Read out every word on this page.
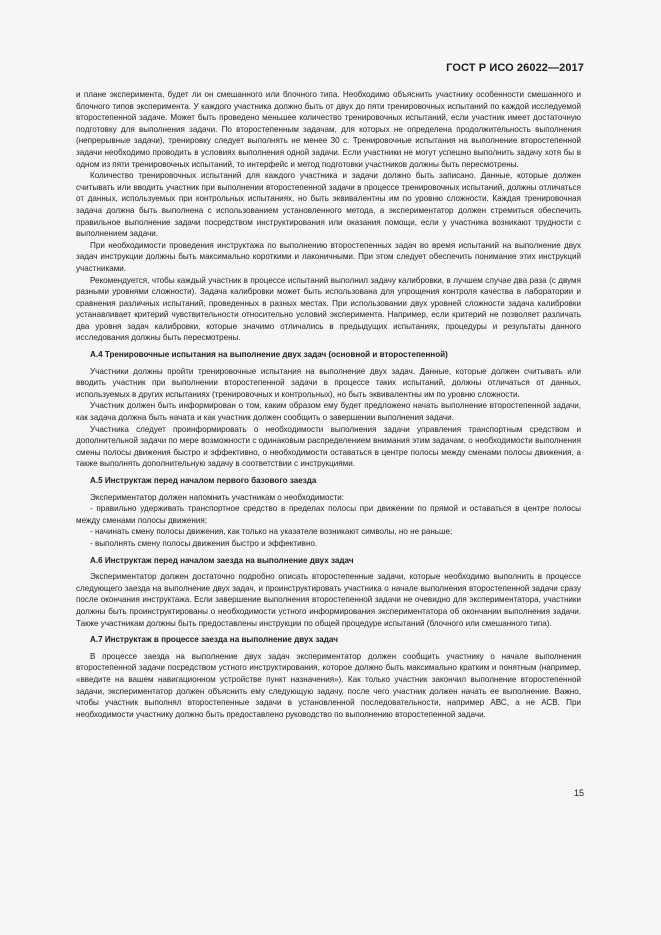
ГОСТ Р ИСО 26022—2017

и плане эксперимента, будет ли он смешанного или блочного типа. Необходимо объяснить участнику особенности смешанного и блочного типов эксперимента. У каждого участника должно быть от двух до пяти тренировочных испытаний по каждой исследуемой второстепенной задаче. Может быть проведено меньшее количество тренировочных испытаний, если участник имеет достаточную подготовку для выполнения задачи. По второстепенным задачам, для которых не определена продолжительность выполнения (непрерывные задачи), тренировку следует выполнять не менее 30 с. Тренировочные испытания на выполнение второстепенной задачи необходимо проводить в условиях выполнения одной задачи. Если участники не могут успешно выполнить задачу хотя бы в одном из пяти тренировочных испытаний, то интерфейс и метод подготовки участников должны быть пересмотрены.

Количество тренировочных испытаний для каждого участника и задачи должно быть записано. Данные, которые должен считывать или вводить участник при выполнении второстепенной задачи в процессе тренировочных испытаний, должны отличаться от данных, используемых при контрольных испытаниях, но быть эквивалентны им по уровню сложности. Каждая тренировочная задача должна быть выполнена с использованием установленного метода, а экспериментатор должен стремиться обеспечить правильное выполнение задачи посредством инструктирования или оказания помощи, если у участника возникают трудности с выполнением задачи.

При необходимости проведения инструктажа по выполнению второстепенных задач во время испытаний на выполнение двух задач инструкции должны быть максимально короткими и лаконичными. При этом следует обеспечить понимание этих инструкций участниками.

Рекомендуется, чтобы каждый участник в процессе испытаний выполнил задачу калибровки, в лучшем случае два раза (с двумя разными уровнями сложности). Задача калибровки может быть использована для упрощения контроля качества в лаборатории и сравнения различных испытаний, проведенных в разных местах. При использовании двух уровней сложности задача калибровки устанавливает критерий чувствительности относительно условий эксперимента. Например, если критерий не позволяет различать два уровня задач калибровки, которые значимо отличались в предыдущих испытаниях, процедуры и результаты данного исследования должны быть пересмотрены.

А.4 Тренировочные испытания на выполнение двух задач (основной и второстепенной)

Участники должны пройти тренировочные испытания на выполнение двух задач. Данные, которые должен считывать или вводить участник при выполнении второстепенной задачи в процессе таких испытаний, должны отличаться от данных, используемых в других испытаниях (тренировочных и контрольных), но быть эквивалентны им по уровню сложности.

Участник должен быть информирован о том, каким образом ему будет предложено начать выполнение второстепенной задачи, как задача должна быть начата и как участник должен сообщить о завершении выполнения задачи.

Участника следует проинформировать о необходимости выполнения задачи управления транспортным средством и дополнительной задачи по мере возможности с одинаковым распределением внимания этим задачам, о необходимости выполнения смены полосы движения быстро и эффективно, о необходимости оставаться в центре полосы между сменами полосы движения, а также выполнять дополнительную задачу в соответствии с инструкциями.

А.5 Инструктаж перед началом первого базового заезда

Экспериментатор должен напомнить участникам о необходимости:

- правильно удерживать транспортное средство в пределах полосы при движении по прямой и оставаться в центре полосы между сменами полосы движения;

- начинать смену полосы движения, как только на указателе возникают символы, но не раньше;

- выполнять смену полосы движения быстро и эффективно.

А.6 Инструктаж перед началом заезда на выполнение двух задач

Экспериментатор должен достаточно подробно описать второстепенные задачи, которые необходимо выполнить в процессе следующего заезда на выполнение двух задач, и проинструктировать участника о начале выполнения второстепенной задачи сразу после окончания инструктажа. Если завершение выполнения второстепенной задачи не очевидно для экспериментатора, участники должны быть проинструктированы о необходимости устного информирования экспериментатора об окончании выполнения задачи. Также участникам должны быть предоставлены инструкции по общей процедуре испытаний (блочного или смешанного типа).

А.7 Инструктаж в процессе заезда на выполнение двух задач

В процессе заезда на выполнение двух задач экспериментатор должен сообщить участнику о начале выполнения второстепенной задачи посредством устного инструктирования, которое должно быть максимально кратким и понятным (например, «введите на вашем навигационном устройстве пункт назначения»). Как только участник закончил выполнение второстепенной задачи, экспериментатор должен объяснить ему следующую задачу, после чего участник должен начать ее выполнение. Важно, чтобы участник выполнял второстепенные задачи в установленной последовательности, например АВС, а не АСВ. При необходимости участнику должно быть предоставлено руководство по выполнению второстепенной задачи.

15
